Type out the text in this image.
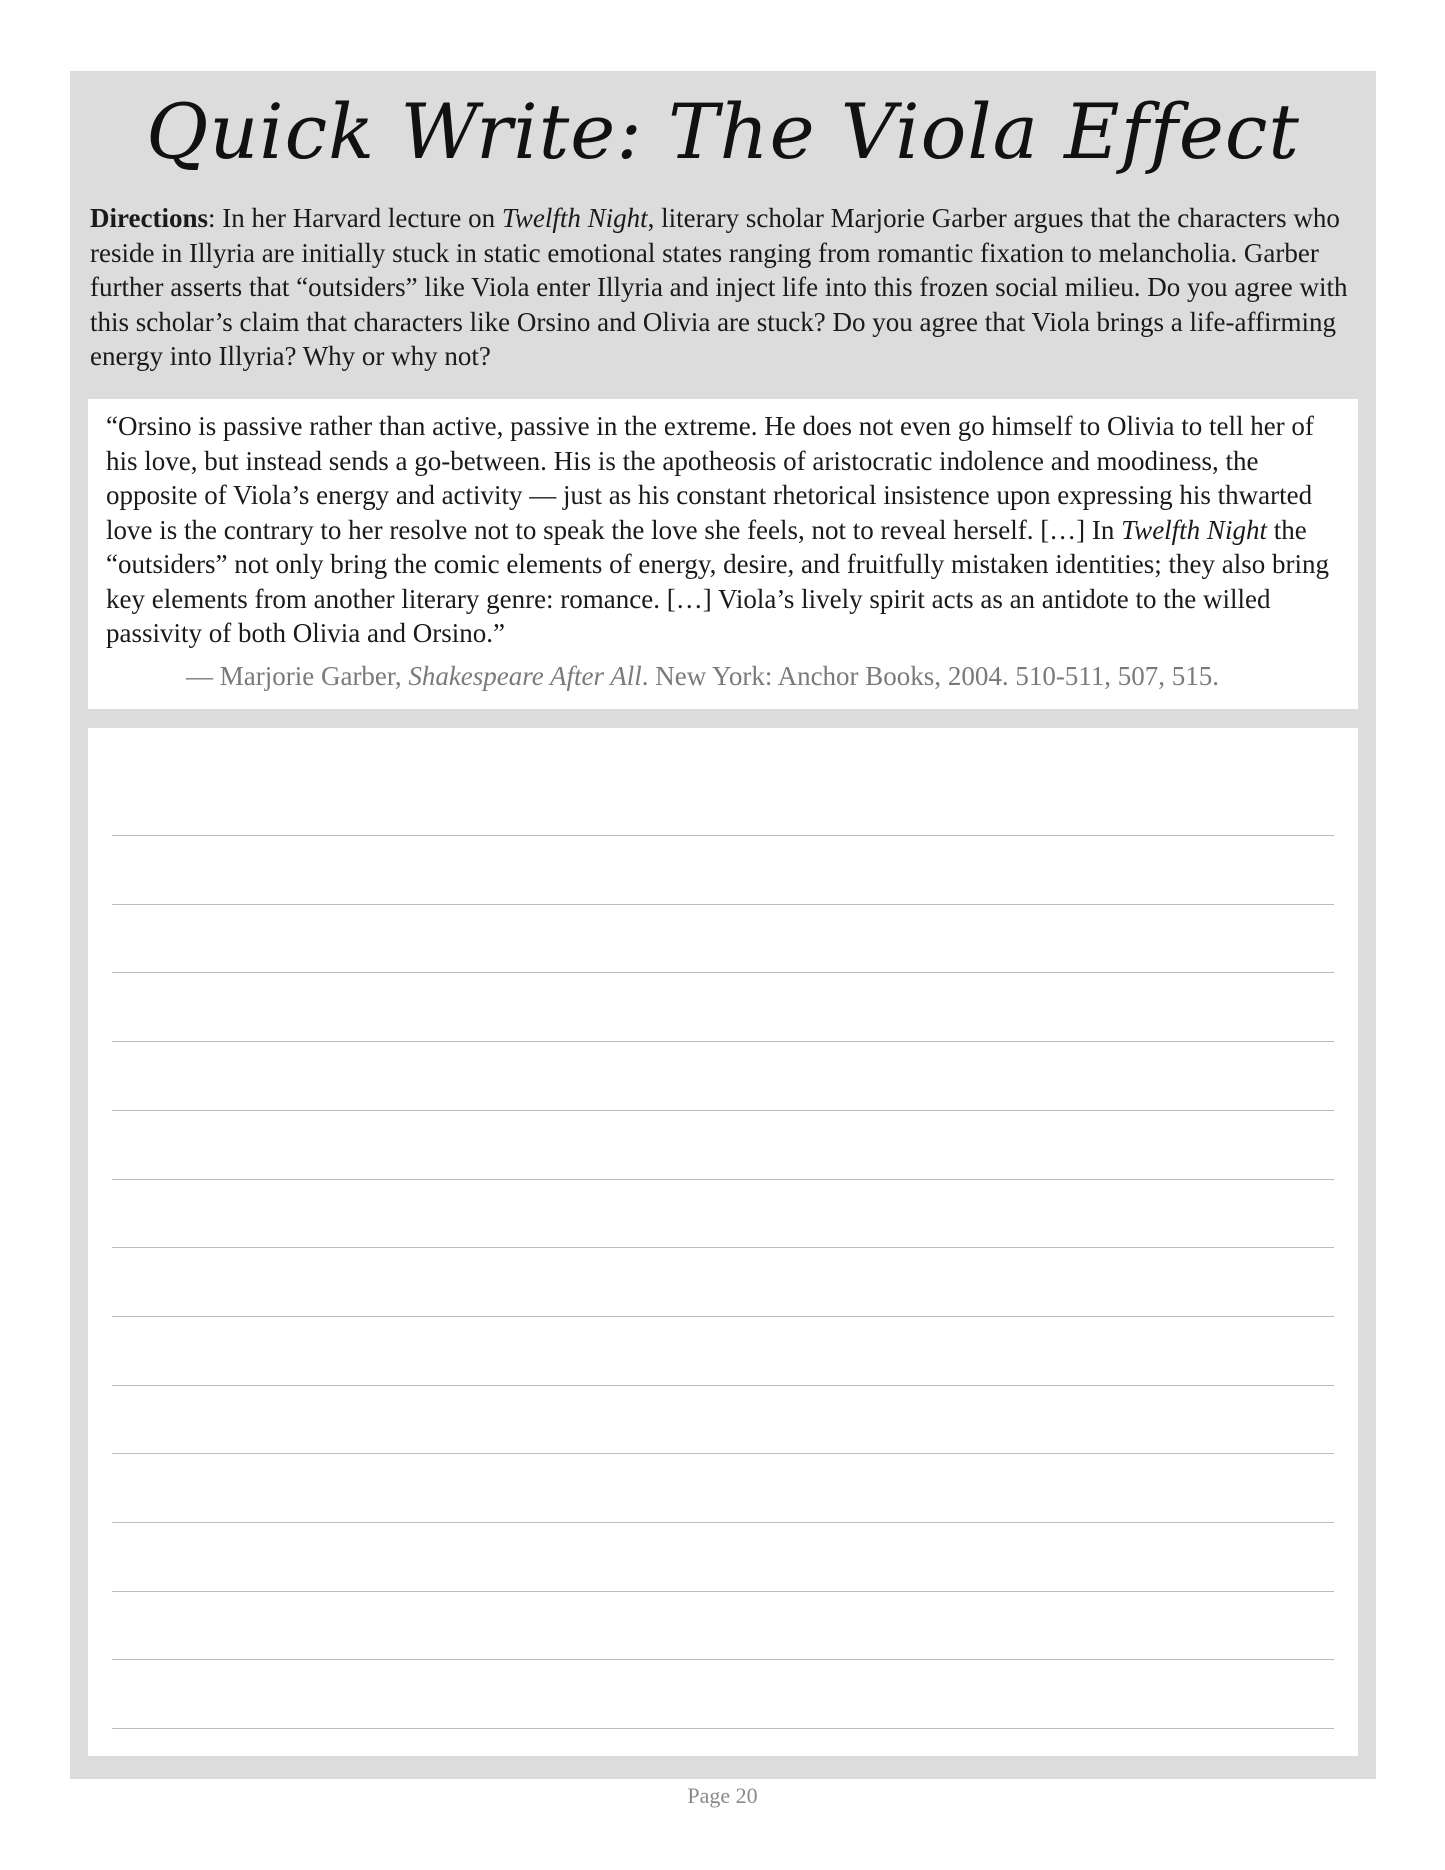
Quick Write: The Viola Effect
Directions: In her Harvard lecture on Twelfth Night, literary scholar Marjorie Garber argues that the characters who reside in Illyria are initially stuck in static emotional states ranging from romantic fixation to melancholia. Garber further asserts that “outsiders” like Viola enter Illyria and inject life into this frozen social milieu. Do you agree with this scholar’s claim that characters like Orsino and Olivia are stuck? Do you agree that Viola brings a life-affirming energy into Illyria? Why or why not?
“Orsino is passive rather than active, passive in the extreme. He does not even go himself to Olivia to tell her of his love, but instead sends a go-between. His is the apotheosis of aristocratic indolence and moodiness, the opposite of Viola’s energy and activity — just as his constant rhetorical insistence upon expressing his thwarted love is the contrary to her resolve not to speak the love she feels, not to reveal herself. […] In Twelfth Night the “outsiders” not only bring the comic elements of energy, desire, and fruitfully mistaken identities; they also bring key elements from another literary genre: romance. […] Viola’s lively spirit acts as an antidote to the willed passivity of both Olivia and Orsino.”
— Marjorie Garber, Shakespeare After All. New York: Anchor Books, 2004. 510-511, 507, 515.
Page 20
